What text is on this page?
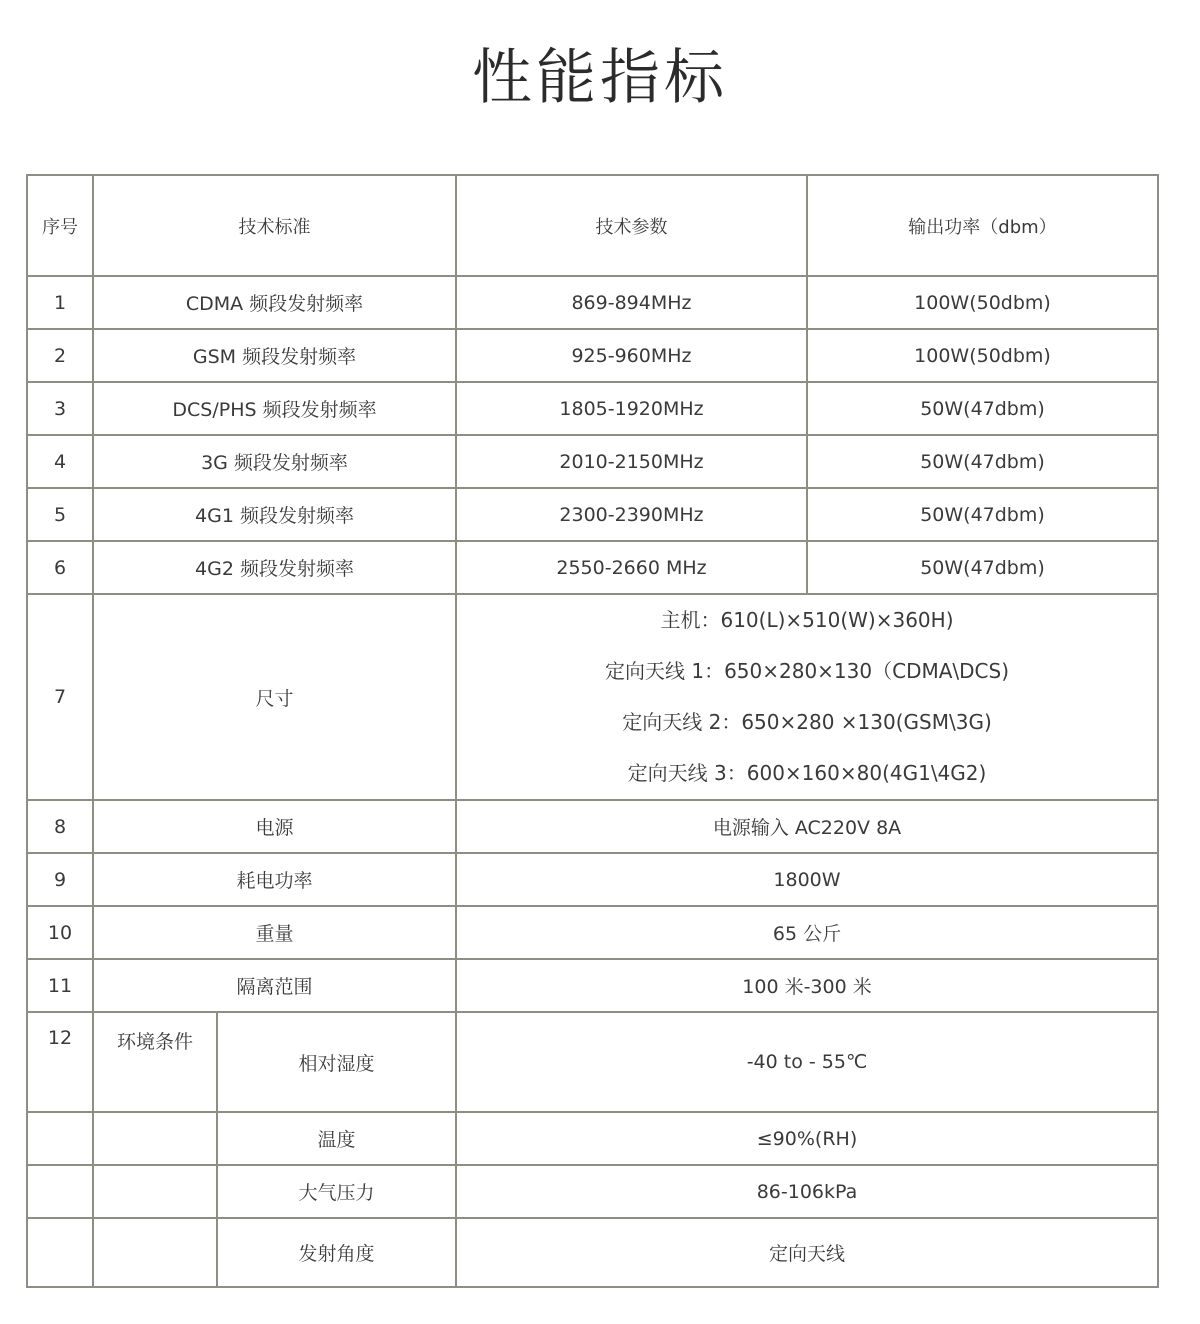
性能指标
序号	技术标准		技术参数	输出功率（dbm）
1	CDMA 频段发射频率		869-894MHz	100W(50dbm)
2	GSM 频段发射频率		925-960MHz	100W(50dbm)
3	DCS/PHS 频段发射频率		1805-1920MHz	50W(47dbm)
4	3G 频段发射频率		2010-2150MHz	50W(47dbm)
5	4G1 频段发射频率		2300-2390MHz	50W(47dbm)
6	4G2 频段发射频率		2550-2660 MHz	50W(47dbm)
7	尺寸		主机：610(L)×510(W)×360H)
定向天线 1：650×280×130（CDMA\DCS)
定向天线 2：650×280 ×130(GSM\3G)
定向天线 3：600×160×80(4G1\4G2)	

8	电源		电源输入 AC220V 8A	
9	耗电功率		1800W	
10	重量		65 公斤	
11	隔离范围		100 米-300 米	
12	环境条件	相对湿度	-40 to - 55℃	
		温度	≤90%(RH)	
		大气压力	86-106kPa	
		发射角度	定向天线	
